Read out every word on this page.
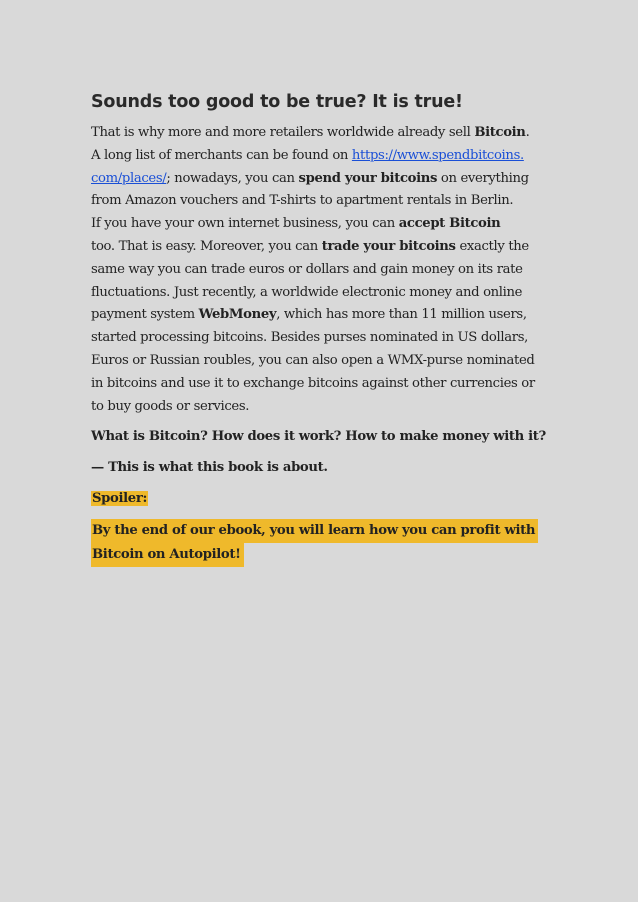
Sounds too good to be true? It is true!
That is why more and more retailers worldwide already sell Bitcoin.
A long list of merchants can be found on https://www.spendbitcoins.
com/places/; nowadays, you can spend your bitcoins on everything
from Amazon vouchers and T-shirts to apartment rentals in Berlin.
If you have your own internet business, you can accept Bitcoin
too. That is easy. Moreover, you can trade your bitcoins exactly the
same way you can trade euros or dollars and gain money on its rate
fluctuations. Just recently, a worldwide electronic money and online
payment system WebMoney, which has more than 11 million users,
started processing bitcoins. Besides purses nominated in US dollars,
Euros or Russian roubles, you can also open a WMX-purse nominated
in bitcoins and use it to exchange bitcoins against other currencies or
to buy goods or services.

What is Bitcoin? How does it work? How to make money with it?

— This is what this book is about.

Spoiler:
By the end of our ebook, you will learn how you can profit with
Bitcoin on Autopilot!
